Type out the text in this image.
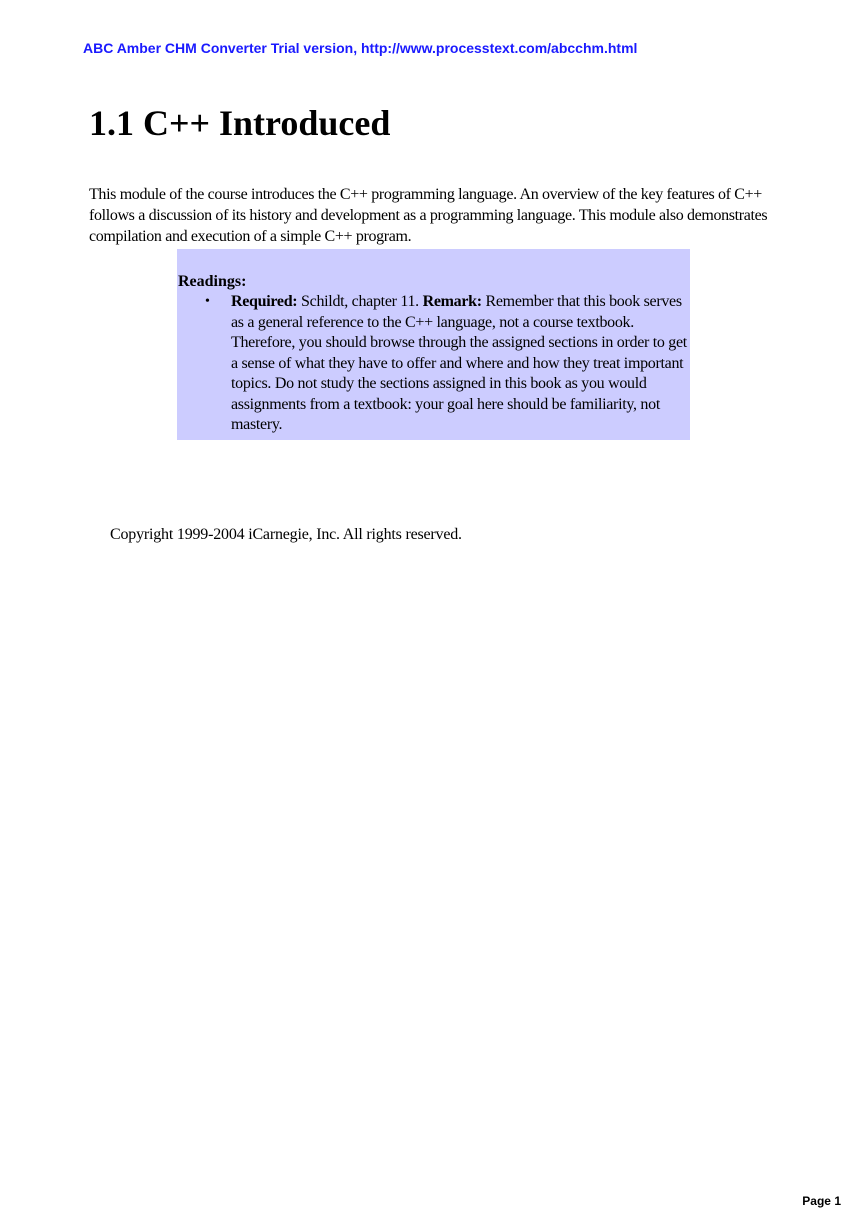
ABC Amber CHM Converter Trial version, http://www.processtext.com/abcchm.html
1.1 C++ Introduced

This module of the course introduces the C++ programming language. An overview of the key features of C++ follows a discussion of its history and development as a programming language. This module also demonstrates compilation and execution of a simple C++ program.

Readings:
• Required: Schildt, chapter 11. Remark: Remember that this book serves as a general reference to the C++ language, not a course textbook. Therefore, you should browse through the assigned sections in order to get a sense of what they have to offer and where and how they treat important topics. Do not study the sections assigned in this book as you would assignments from a textbook: your goal here should be familiarity, not mastery.

Copyright 1999-2004 iCarnegie, Inc. All rights reserved.

Page 1
